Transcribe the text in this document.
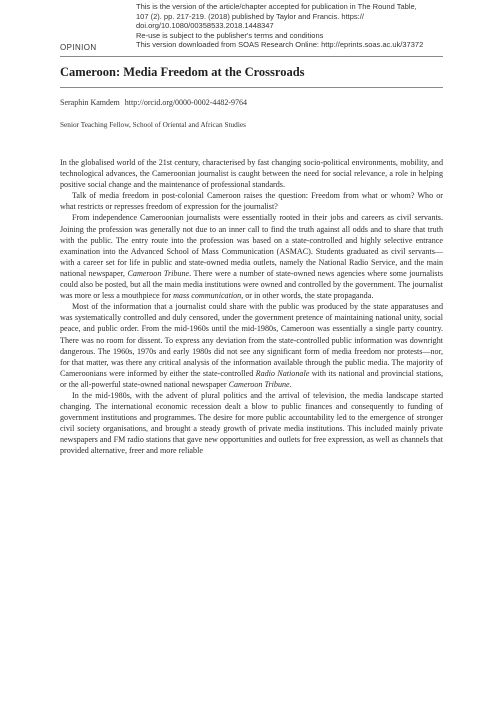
This is the version of the article/chapter accepted for publication in The Round Table,
107 (2). pp. 217-219. (2018) published by Taylor and Francis. https://
doi.org/10.1080/00358533.2018.1448347
Re-use is subject to the publisher's terms and conditions
This version downloaded from SOAS Research Online: http://eprints.soas.ac.uk/37372
OPINION
Cameroon: Media Freedom at the Crossroads
Seraphin Kamdem http://orcid.org/0000-0002-4482-9764
Senior Teaching Fellow, School of Oriental and African Studies

In the globalised world of the 21st century, characterised by fast changing socio-political environments, mobility, and technological advances, the Cameroonian journalist is caught between the need for social relevance, a role in helping positive social change and the maintenance of professional standards.

Talk of media freedom in post-colonial Cameroon raises the question: Freedom from what or whom? Who or what restricts or represses freedom of expression for the journalist?

From independence Cameroonian journalists were essentially rooted in their jobs and careers as civil servants. Joining the profession was generally not due to an inner call to find the truth against all odds and to share that truth with the public. The entry route into the profession was based on a state-controlled and highly selective entrance examination into the Advanced School of Mass Communication (ASMAC). Students graduated as civil servants—with a career set for life in public and state-owned media outlets, namely the National Radio Service, and the main national newspaper, Cameroon Tribune. There were a number of state-owned news agencies where some journalists could also be posted, but all the main media institutions were owned and controlled by the government. The journalist was more or less a mouthpiece for mass communication, or in other words, the state propaganda.

Most of the information that a journalist could share with the public was produced by the state apparatuses and was systematically controlled and duly censored, under the government pretence of maintaining national unity, social peace, and public order. From the mid-1960s until the mid-1980s, Cameroon was essentially a single party country. There was no room for dissent. To express any deviation from the state-controlled public information was downright dangerous. The 1960s, 1970s and early 1980s did not see any significant form of media freedom nor protests—nor, for that matter, was there any critical analysis of the information available through the public media. The majority of Cameroonians were informed by either the state-controlled Radio Nationale with its national and provincial stations, or the all-powerful state-owned national newspaper Cameroon Tribune.

In the mid-1980s, with the advent of plural politics and the arrival of television, the media landscape started changing. The international economic recession dealt a blow to public finances and consequently to funding of government institutions and programmes. The desire for more public accountability led to the emergence of stronger civil society organisations, and brought a steady growth of private media institutions. This included mainly private newspapers and FM radio stations that gave new opportunities and outlets for free expression, as well as channels that provided alternative, freer and more reliable
